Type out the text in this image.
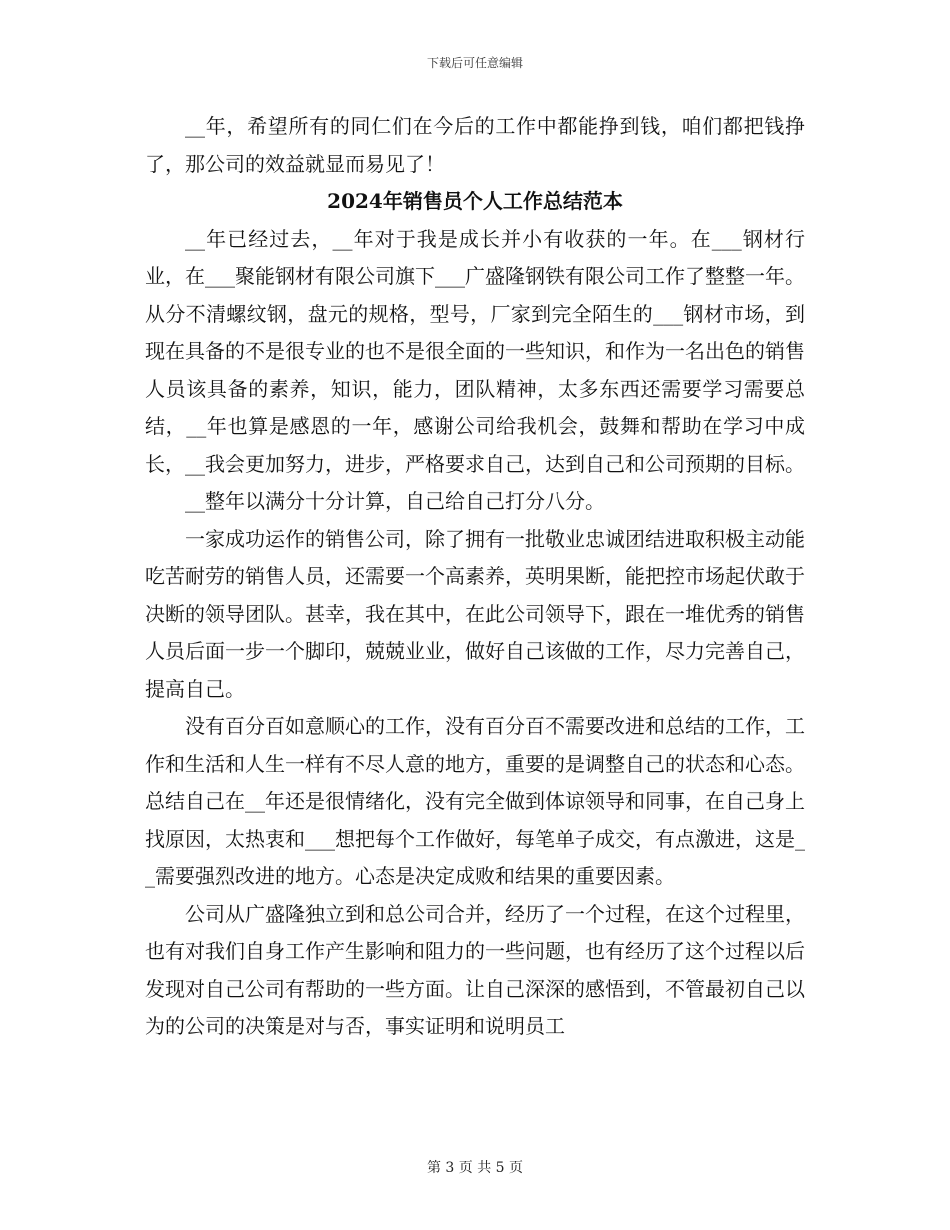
下载后可任意编辑

__年，希望所有的同仁们在今后的工作中都能挣到钱，咱们都把钱挣了，那公司的效益就显而易见了！

2024年销售员个人工作总结范本

__年已经过去，__年对于我是成长并小有收获的一年。在___钢材行业，在___聚能钢材有限公司旗下___广盛隆钢铁有限公司工作了整整一年。从分不清螺纹钢，盘元的规格，型号，厂家到完全陌生的___钢材市场，到现在具备的不是很专业的也不是很全面的一些知识，和作为一名出色的销售人员该具备的素养，知识，能力，团队精神，太多东西还需要学习需要总结，__年也算是感恩的一年，感谢公司给我机会，鼓舞和帮助在学习中成长，__我会更加努力，进步，严格要求自己，达到自己和公司预期的目标。

__整年以满分十分计算，自己给自己打分八分。

一家成功运作的销售公司，除了拥有一批敬业忠诚团结进取积极主动能吃苦耐劳的销售人员，还需要一个高素养，英明果断，能把控市场起伏敢于决断的领导团队。甚幸，我在其中，在此公司领导下，跟在一堆优秀的销售人员后面一步一个脚印，兢兢业业，做好自己该做的工作，尽力完善自己，提高自己。

没有百分百如意顺心的工作，没有百分百不需要改进和总结的工作，工作和生活和人生一样有不尽人意的地方，重要的是调整自己的状态和心态。总结自己在__年还是很情绪化，没有完全做到体谅领导和同事，在自己身上找原因，太热衷和___想把每个工作做好，每笔单子成交，有点激进，这是__需要强烈改进的地方。心态是决定成败和结果的重要因素。

公司从广盛隆独立到和总公司合并，经历了一个过程，在这个过程里，也有对我们自身工作产生影响和阻力的一些问题，也有经历了这个过程以后发现对自己公司有帮助的一些方面。让自己深深的感悟到，不管最初自己以为的公司的决策是对与否，事实证明和说明员工

第 3 页 共 5 页
